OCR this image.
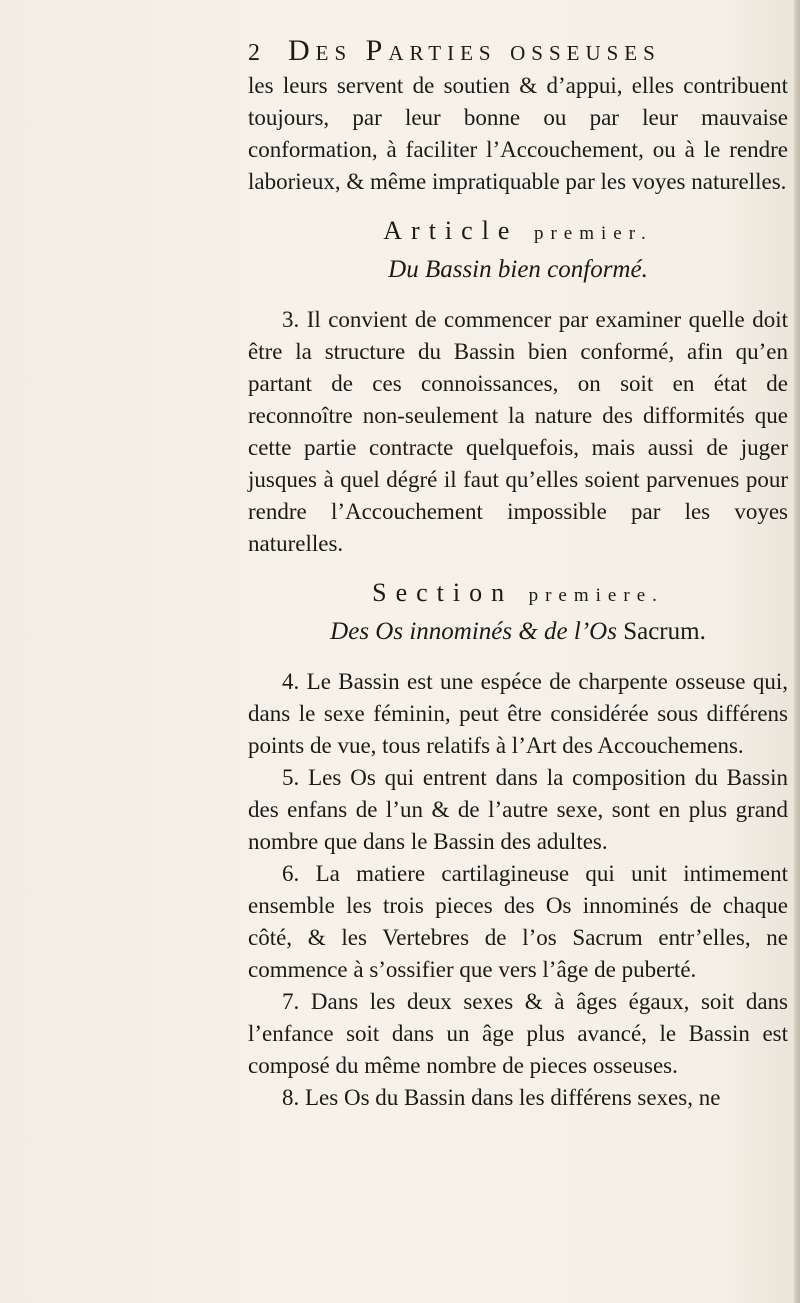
2 Des Parties osseuses

les leurs servent de soutien & d’appui, elles contribuent toujours, par leur bonne ou par leur mauvaise conformation, à faciliter l’Accouchement, ou à le rendre laborieux, & même impratiquable par les voyes naturelles.

Article premier.
Du Bassin bien conformé.

3. Il convient de commencer par examiner quelle doit être la structure du Bassin bien conformé, afin qu’en partant de ces connoissances, on soit en état de reconnoître non-seulement la nature des difformités que cette partie contracte quelquefois, mais aussi de juger jusques à quel dégré il faut qu’elles soient parvenues pour rendre l’Accouchement impossible par les voyes naturelles.

Section premiere.
Des Os innominés & de l’Os Sacrum.

4. Le Bassin est une espéce de charpente osseuse qui, dans le sexe féminin, peut être considérée sous différens points de vue, tous relatifs à l’Art des Accouchemens.

5. Les Os qui entrent dans la composition du Bassin des enfans de l’un & de l’autre sexe, sont en plus grand nombre que dans le Bassin des adultes.

6. La matiere cartilagineuse qui unit intimement ensemble les trois pieces des Os innominés de chaque côté, & les Vertebres de l’os Sacrum entr’elles, ne commence à s’ossifier que vers l’âge de puberté.

7. Dans les deux sexes & à âges égaux, soit dans l’enfance soit dans un âge plus avancé, le Bassin est composé du même nombre de pieces osseuses.

8. Les Os du Bassin dans les différens sexes, ne
